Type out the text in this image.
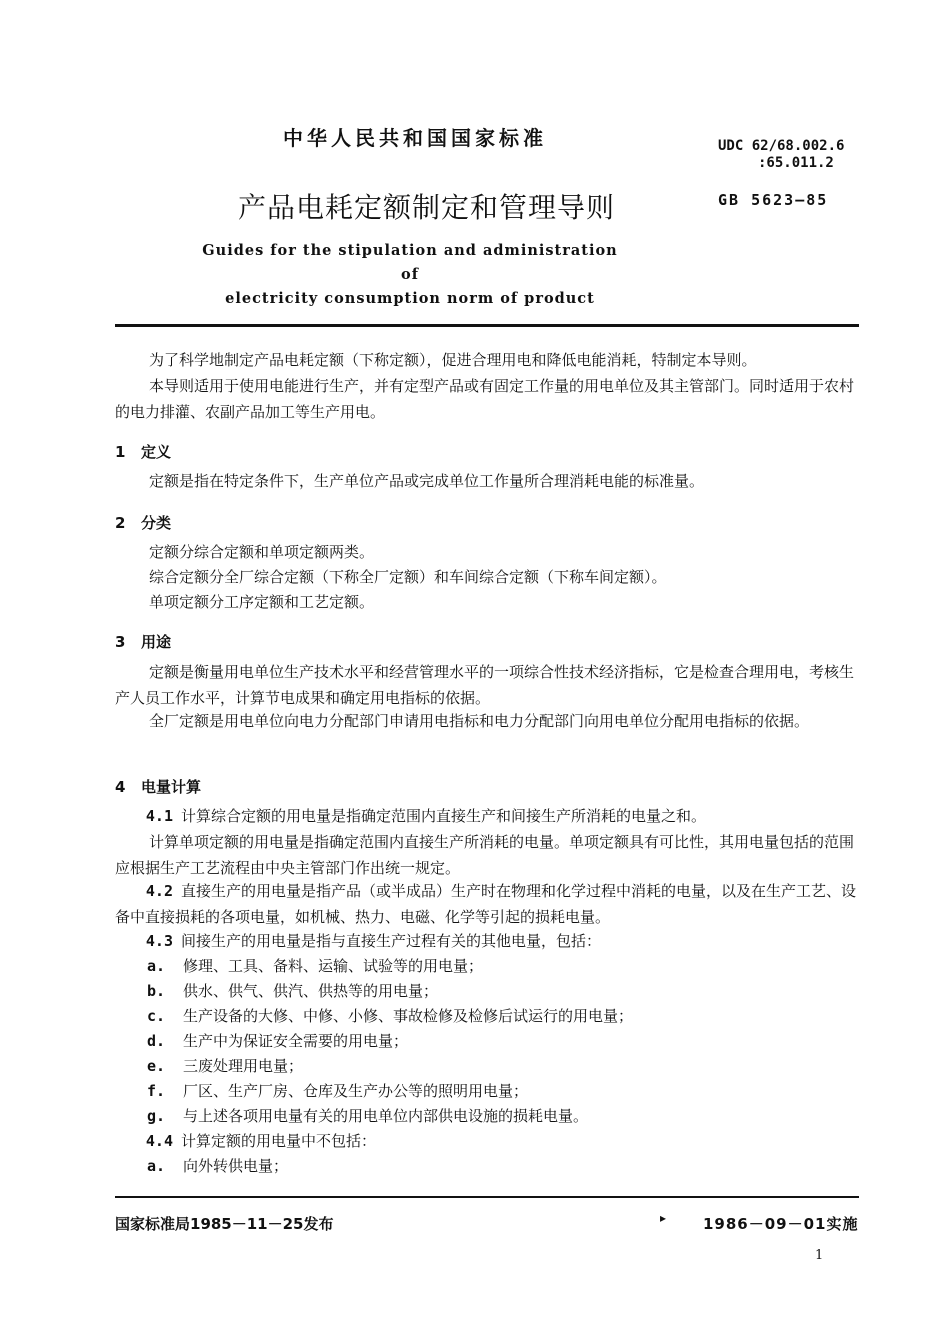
中华人民共和国国家标准	UDC 62/68.002.6
:65.011.2
产品电耗定额制定和管理导则	GB 5623—85
Guides for the stipulation and administration of
electricity consumption norm of product
为了科学地制定产品电耗定额（下称定额），促进合理用电和降低电能消耗，特制定本导则。
本导则适用于使用电能进行生产，并有定型产品或有固定工作量的用电单位及其主管部门。同时适用于农村的电力排灌、农副产品加工等生产用电。
1 定义
定额是指在特定条件下，生产单位产品或完成单位工作量所合理消耗电能的标准量。
2 分类
定额分综合定额和单项定额两类。
综合定额分全厂综合定额（下称全厂定额）和车间综合定额（下称车间定额）。
单项定额分工序定额和工艺定额。
3 用途
定额是衡量用电单位生产技术水平和经营管理水平的一项综合性技术经济指标，它是检查合理用电，考核生产人员工作水平，计算节电成果和确定用电指标的依据。
全厂定额是用电单位向电力分配部门申请用电指标和电力分配部门向用电单位分配用电指标的依据。
4 电量计算
4.1 计算综合定额的用电量是指确定范围内直接生产和间接生产所消耗的电量之和。
计算单项定额的用电量是指确定范围内直接生产所消耗的电量。单项定额具有可比性，其用电量包括的范围应根据生产工艺流程由中央主管部门作出统一规定。
4.2 直接生产的用电量是指产品（或半成品）生产时在物理和化学过程中消耗的电量，以及在生产工艺、设备中直接损耗的各项电量，如机械、热力、电磁、化学等引起的损耗电量。
4.3 间接生产的用电量是指与直接生产过程有关的其他电量，包括：
a. 修理、工具、备料、运输、试验等的用电量；
b. 供水、供气、供汽、供热等的用电量；
c. 生产设备的大修、中修、小修、事故检修及检修后试运行的用电量；
d. 生产中为保证安全需要的用电量；
e. 三废处理用电量；
f. 厂区、生产厂房、仓库及生产办公等的照明用电量；
g. 与上述各项用电量有关的用电单位内部供电设施的损耗电量。
4.4 计算定额的用电量中不包括：
a. 向外转供电量；
国家标准局1985－11－25发布	▸ 1986－09－01实施
1
